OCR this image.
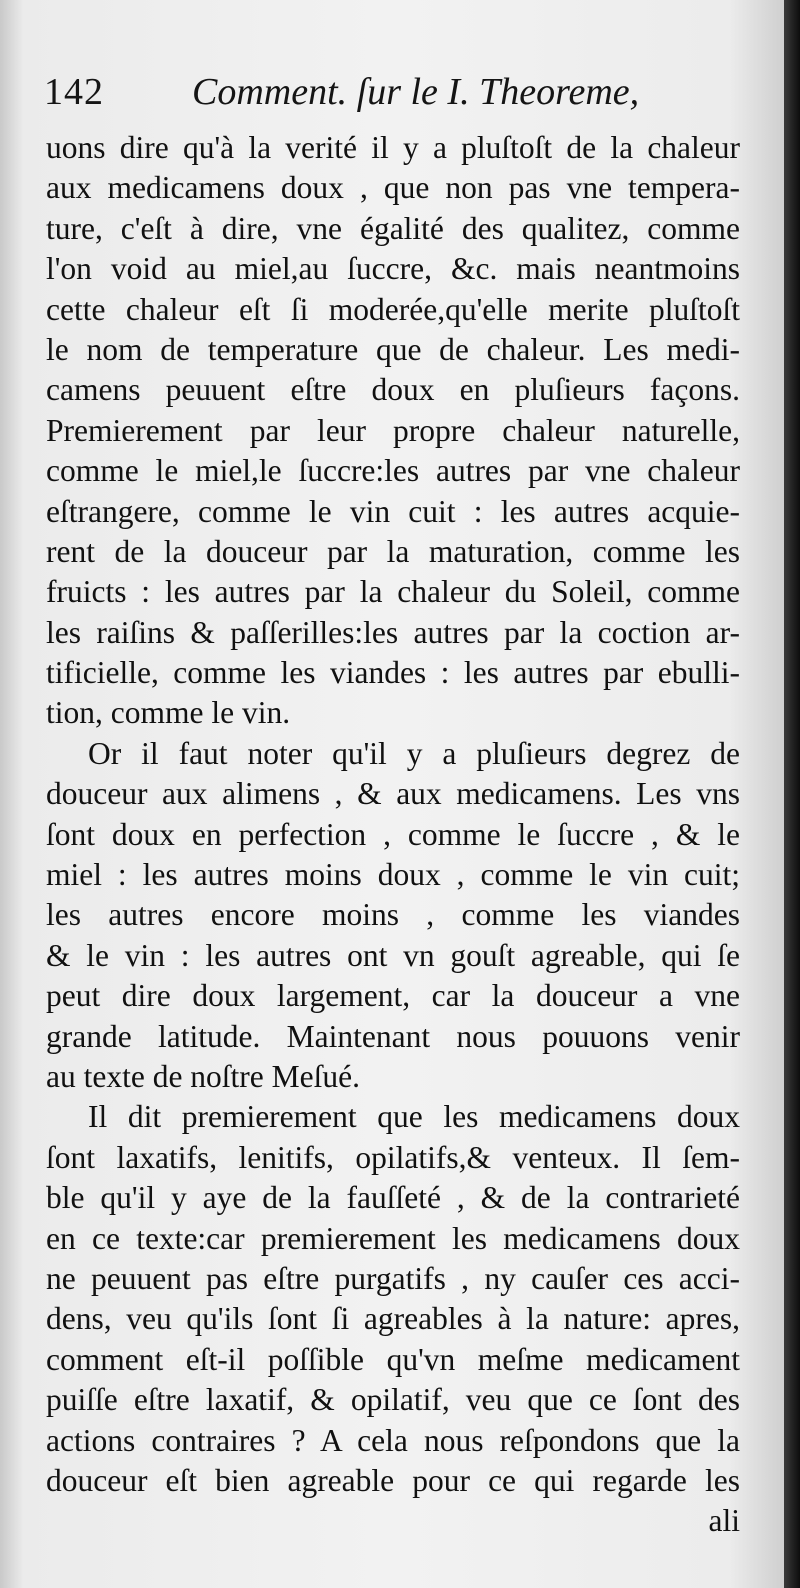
142 Comment. ſur le I. Theoreme,
uons dire qu'à la verité il y a pluſtoſt de la chaleur
aux medicamens doux , que non pas vne tempera-
ture, c'eſt à dire, vne égalité des qualitez, comme
l'on void au miel,au ſuccre, &c. mais neantmoins
cette chaleur eſt ſi moderée,qu'elle merite pluſtoſt
le nom de temperature que de chaleur. Les medi-
camens peuuent eſtre doux en pluſieurs façons.
Premierement par leur propre chaleur naturelle,
comme le miel,le ſuccre:les autres par vne chaleur
eſtrangere, comme le vin cuit : les autres acquie-
rent de la douceur par la maturation, comme les
fruicts : les autres par la chaleur du Soleil, comme
les raiſins & paſſerilles:les autres par la coction ar-
tificielle, comme les viandes : les autres par ebulli-
tion, comme le vin.
Or il faut noter qu'il y a pluſieurs degrez de
douceur aux alimens , & aux medicamens. Les vns
ſont doux en perfection , comme le ſuccre , & le
miel : les autres moins doux , comme le vin cuit;
les autres encore moins , comme les viandes
& le vin : les autres ont vn gouſt agreable, qui ſe
peut dire doux largement, car la douceur a vne
grande latitude. Maintenant nous pouuons venir
au texte de noſtre Meſué.
Il dit premierement que les medicamens doux
ſont laxatifs, lenitifs, opilatifs,& venteux. Il ſem-
ble qu'il y aye de la fauſſeté , & de la contrarieté
en ce texte:car premierement les medicamens doux
ne peuuent pas eſtre purgatifs , ny cauſer ces acci-
dens, veu qu'ils ſont ſi agreables à la nature: apres,
comment eſt-il poſſible qu'vn meſme medicament
puiſſe eſtre laxatif, & opilatif, veu que ce ſont des
actions contraires ? A cela nous reſpondons que la
douceur eſt bien agreable pour ce qui regarde les
ali
